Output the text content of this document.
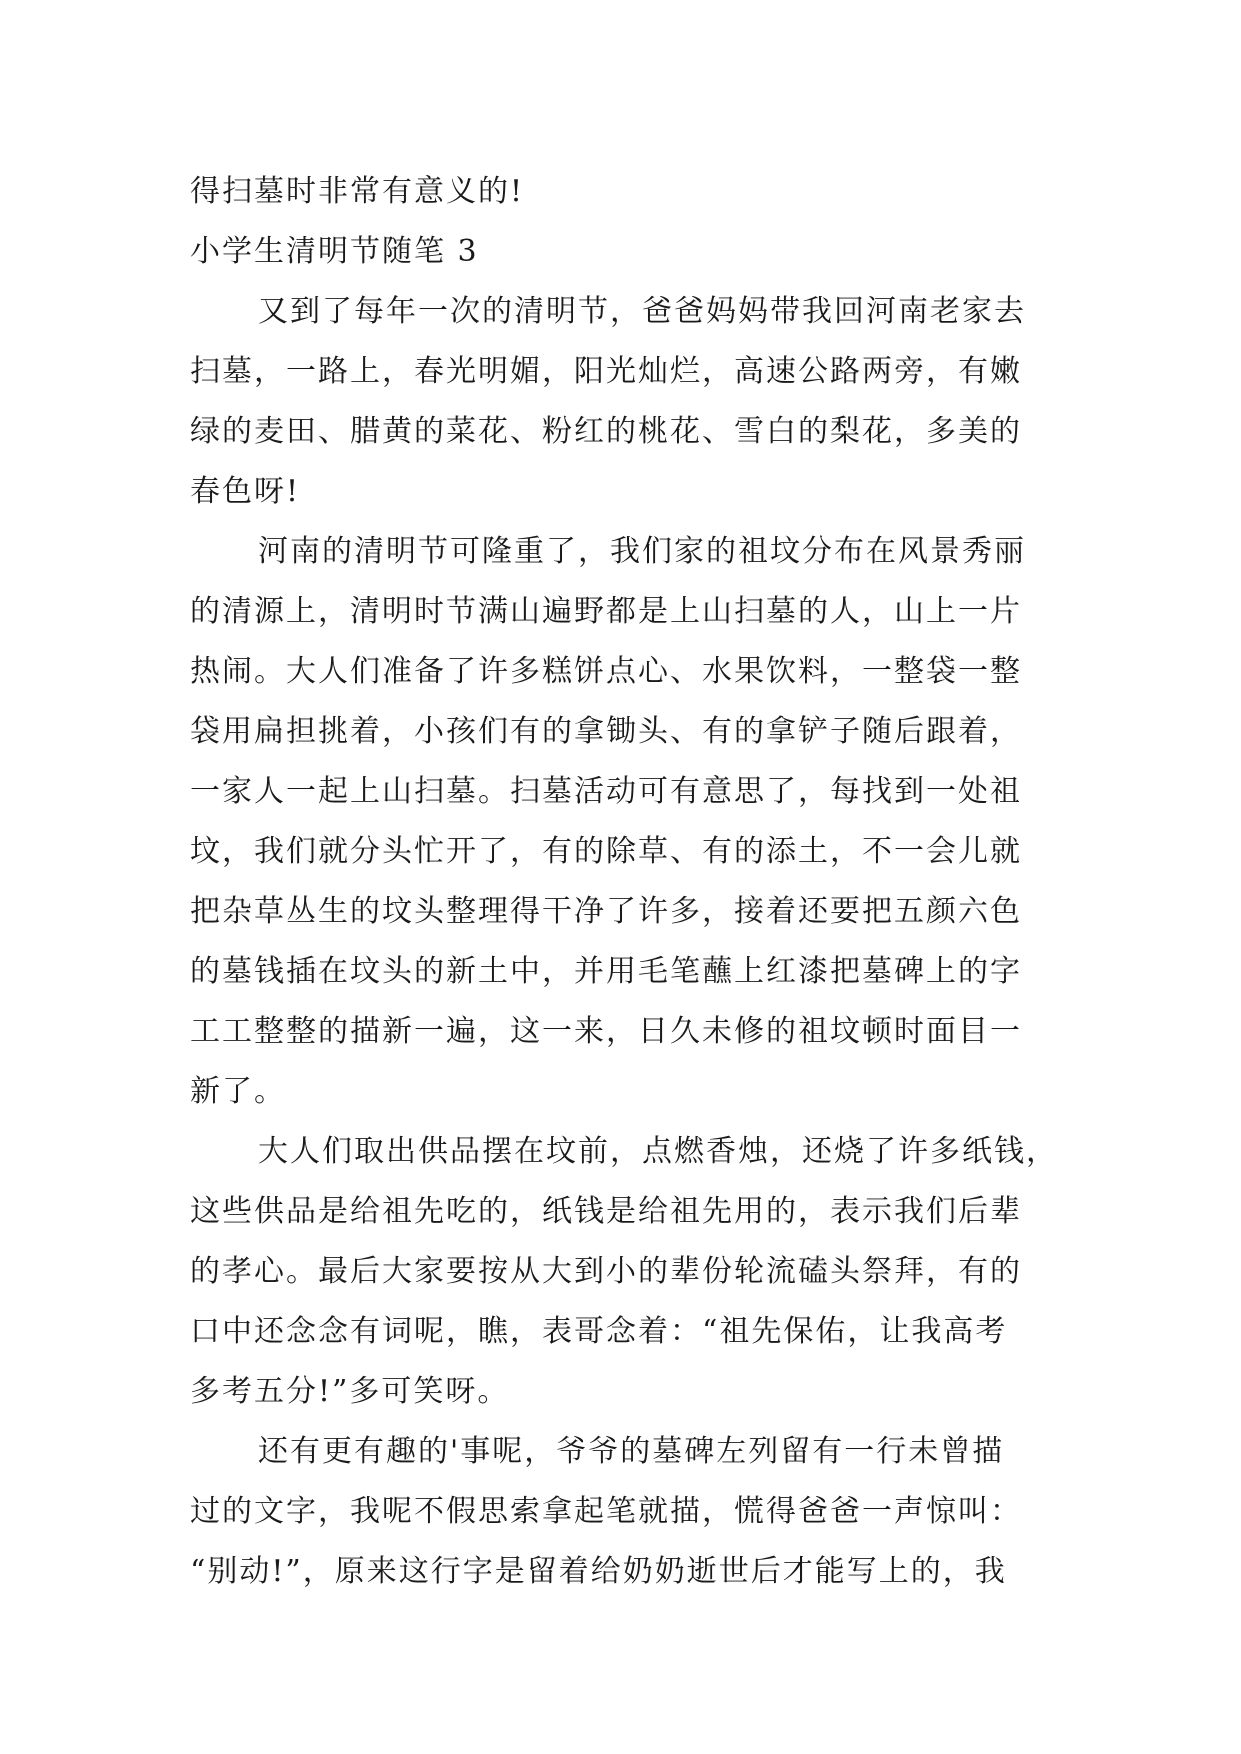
得扫墓时非常有意义的!
小学生清明节随笔 3
又到了每年一次的清明节，爸爸妈妈带我回河南老家去
扫墓，一路上，春光明媚，阳光灿烂，高速公路两旁，有嫩
绿的麦田、腊黄的菜花、粉红的桃花、雪白的梨花，多美的
春色呀!
河南的清明节可隆重了，我们家的祖坟分布在风景秀丽
的清源上，清明时节满山遍野都是上山扫墓的人，山上一片
热闹。大人们准备了许多糕饼点心、水果饮料，一整袋一整
袋用扁担挑着，小孩们有的拿锄头、有的拿铲子随后跟着，
一家人一起上山扫墓。扫墓活动可有意思了，每找到一处祖
坟，我们就分头忙开了，有的除草、有的添土，不一会儿就
把杂草丛生的坟头整理得干净了许多，接着还要把五颜六色
的墓钱插在坟头的新土中，并用毛笔蘸上红漆把墓碑上的字
工工整整的描新一遍，这一来，日久未修的祖坟顿时面目一
新了。
大人们取出供品摆在坟前，点燃香烛，还烧了许多纸钱，
这些供品是给祖先吃的，纸钱是给祖先用的，表示我们后辈
的孝心。最后大家要按从大到小的辈份轮流磕头祭拜，有的
口中还念念有词呢，瞧，表哥念着：“祖先保佑，让我高考
多考五分!”多可笑呀。
还有更有趣的'事呢，爷爷的墓碑左列留有一行未曾描
过的文字，我呢不假思索拿起笔就描，慌得爸爸一声惊叫：
“别动!”，原来这行字是留着给奶奶逝世后才能写上的，我
